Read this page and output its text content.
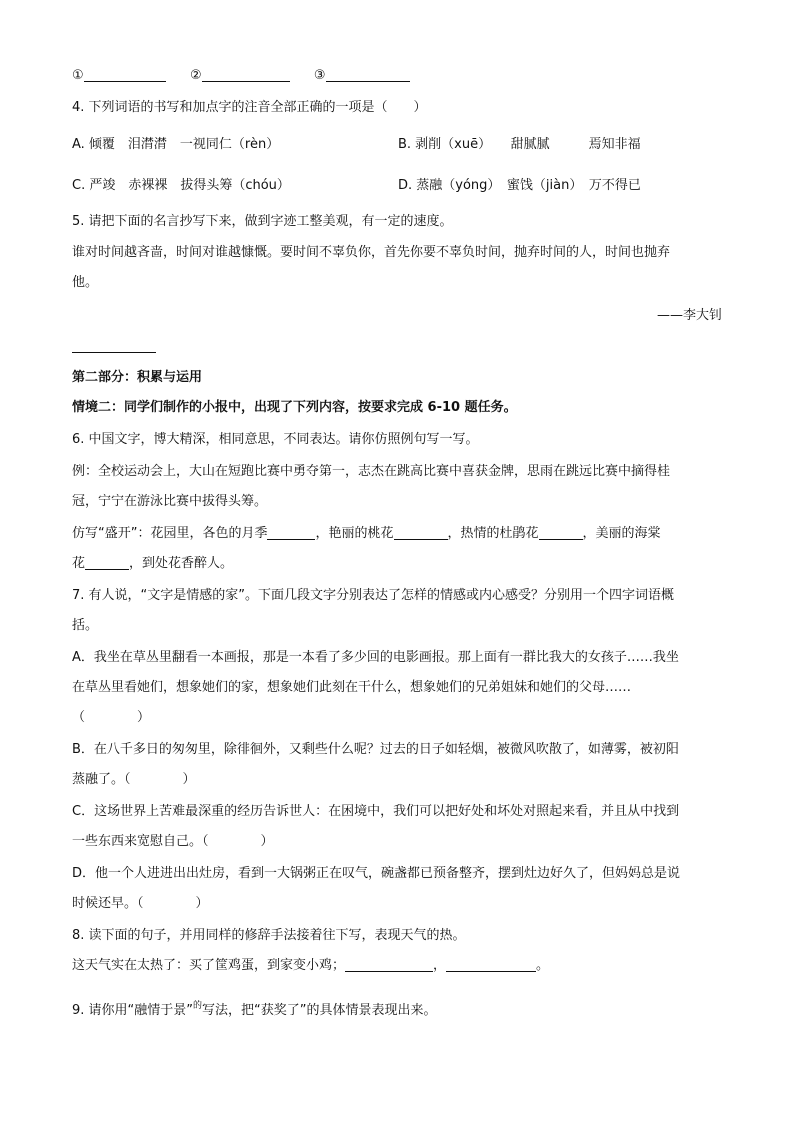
①	②	③
4. 下列词语的书写和加点字的注音全部正确的一项是（　　）
A. 倾覆　泪潸潸　一视同仁（rèn）	B. 剥削（xuē）　　甜腻腻　　　焉知非福
C. 严竣　赤裸裸　拔得头筹（chóu）	D. 蒸融（yóng）　蜜饯（jiàn）　万不得已
5. 请把下面的名言抄写下来，做到字迹工整美观，有一定的速度。
谁对时间越吝啬，时间对谁越慷慨。要时间不辜负你，首先你要不辜负时间，抛弃时间的人，时间也抛弃
他。
——李大钊
第二部分：积累与运用
情境二：同学们制作的小报中，出现了下列内容，按要求完成 6-10 题任务。
6. 中国文字，博大精深，相同意思，不同表达。请你仿照例句写一写。
例：全校运动会上，大山在短跑比赛中勇夺第一，志杰在跳高比赛中喜获金牌，思雨在跳远比赛中摘得桂
冠，宁宁在游泳比赛中拔得头筹。
仿写“盛开”：花园里，各色的月季	，艳丽的桃花	，热情的杜鹃花	，美丽的海棠
花	，到处花香醉人。
7. 有人说，“文字是情感的家”。下面几段文字分别表达了怎样的情感或内心感受？分别用一个四字词语概
括。
A．我坐在草丛里翻看一本画报，那是一本看了多少回的电影画报。那上面有一群比我大的女孩子……我坐
在草丛里看她们，想象她们的家，想象她们此刻在干什么，想象她们的兄弟姐妹和她们的父母……
（　　　　）
B．在八千多日的匆匆里，除徘徊外，又剩些什么呢？过去的日子如轻烟，被微风吹散了，如薄雾，被初阳
蒸融了。（　　　　）
C．这场世界上苦难最深重的经历告诉世人：在困境中，我们可以把好处和坏处对照起来看，并且从中找到
一些东西来宽慰自己。（　　　　）
D．他一个人进进出出灶房，看到一大锅粥正在叹气，碗盏都已预备整齐，摆到灶边好久了，但妈妈总是说
时候还早。（　　　　）
8. 读下面的句子，并用同样的修辞手法接着往下写，表现天气的热。
这天气实在太热了：买了筐鸡蛋，到家变小鸡；	，	。
9. 请你用“融情于景”$^的$写法，把“获奖了”的具体情景表现出来。
